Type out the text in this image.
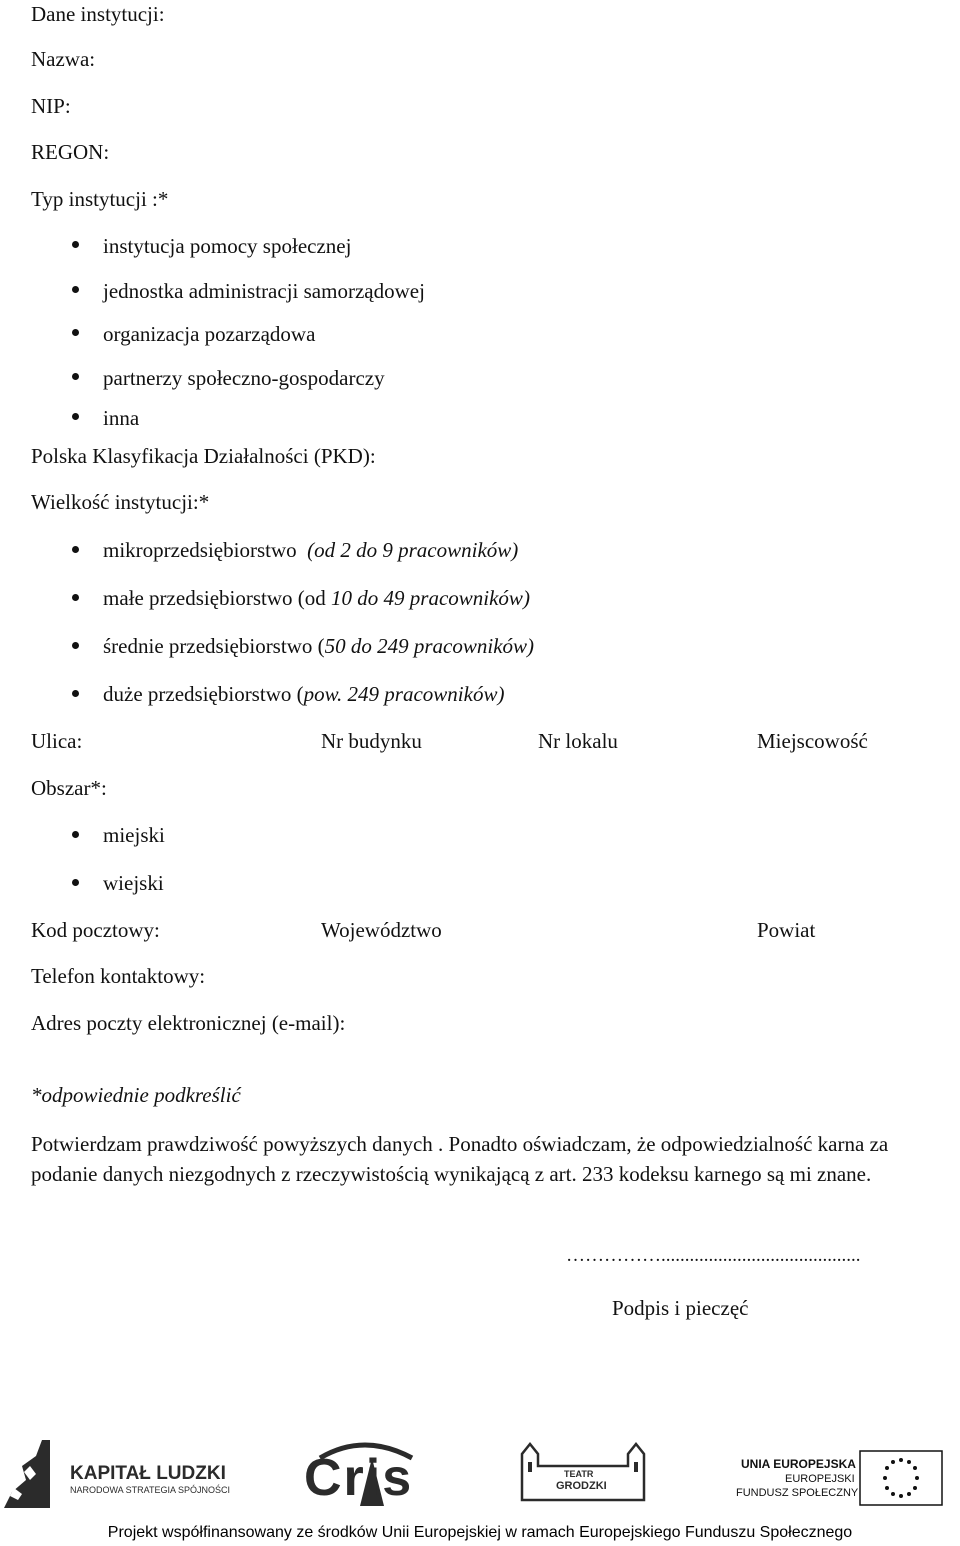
Dane instytucji:
Nazwa:
NIP:
REGON:
Typ instytucji :*
instytucja pomocy społecznej
jednostka administracji samorządowej
organizacja pozarządowa
partnerzy społeczno-gospodarczy
inna
Polska Klasyfikacja Działalności (PKD):
Wielkość instytucji:*
mikroprzedsiębiorstwo (od 2 do 9 pracowników)
małe przedsiębiorstwo (od 10 do 49 pracowników)
średnie przedsiębiorstwo (50 do 249 pracowników)
duże przedsiębiorstwo (pow. 249 pracowników)
Ulica:	Nr budynku	Nr lokalu	Miejscowość
Obszar*:
miejski
wiejski
Kod pocztowy:	Województwo	Powiat
Telefon kontaktowy:
Adres poczty elektronicznej (e-mail):
*odpowiednie podkreślić
Potwierdzam prawdziwość powyższych danych . Ponadto oświadczam, że odpowiedzialność karna za
podanie danych niezgodnych z rzeczywistością wynikającą z art. 233 kodeksu karnego są mi znane.
……………..........................................
Podpis i pieczęć
KAPITAŁ LUDZKI
NARODOWA STRATEGIA SPÓJNOŚCI Cris	TEATR
GRODZKI
UNIA EUROPEJSKA
EUROPEJSKI
FUNDUSZ SPOŁECZNY
Projekt współfinansowany ze środków Unii Europejskiej w ramach Europejskiego Funduszu Społecznego
